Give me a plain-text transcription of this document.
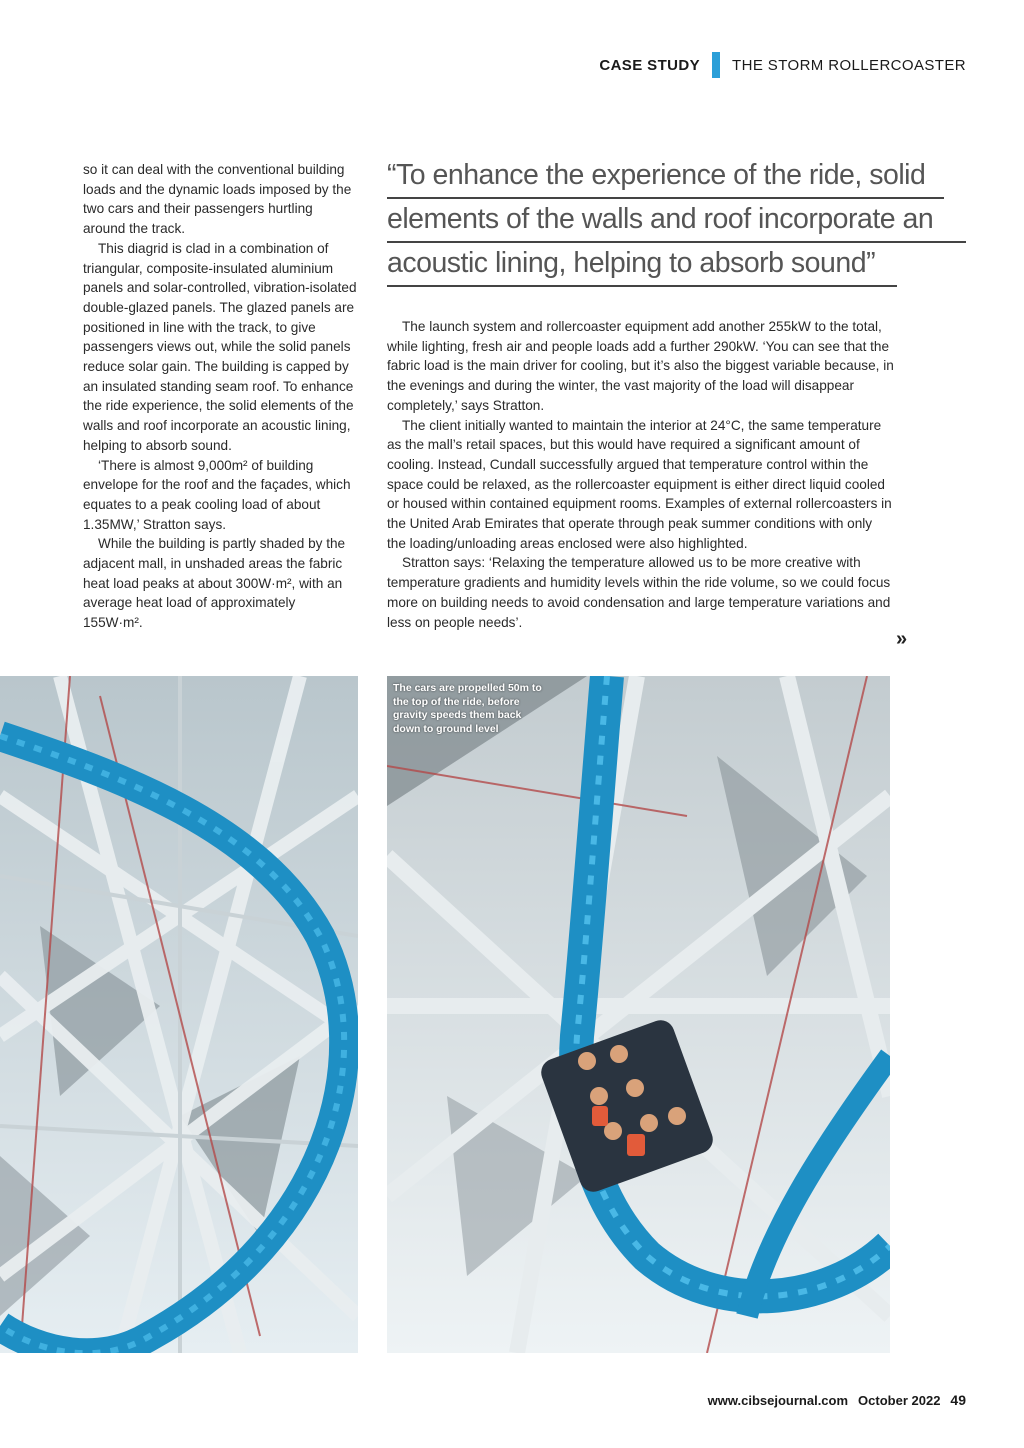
CASE STUDY THE STORM ROLLERCOASTER

so it can deal with the conventional building loads and the dynamic loads imposed by the two cars and their passengers hurtling around the track.

This diagrid is clad in a combination of triangular, composite-insulated aluminium panels and solar-controlled, vibration-isolated double-glazed panels. The glazed panels are positioned in line with the track, to give passengers views out, while the solid panels reduce solar gain. The building is capped by an insulated standing seam roof. To enhance the ride experience, the solid elements of the walls and roof incorporate an acoustic lining, helping to absorb sound.

‘There is almost 9,000m² of building envelope for the roof and the façades, which equates to a peak cooling load of about 1.35MW,’ Stratton says.

While the building is partly shaded by the adjacent mall, in unshaded areas the fabric heat load peaks at about 300W·m², with an average heat load of approximately 155W·m².

“To enhance the experience of the ride, solid
elements of the walls and roof incorporate an
acoustic lining, helping to absorb sound”

The launch system and rollercoaster equipment add another 255kW to the total, while lighting, fresh air and people loads add a further 290kW. ‘You can see that the fabric load is the main driver for cooling, but it’s also the biggest variable because, in the evenings and during the winter, the vast majority of the load will disappear completely,’ says Stratton.

The client initially wanted to maintain the interior at 24°C, the same temperature as the mall’s retail spaces, but this would have required a significant amount of cooling. Instead, Cundall successfully argued that temperature control within the space could be relaxed, as the rollercoaster equipment is either direct liquid cooled or housed within contained equipment rooms. Examples of external rollercoasters in the United Arab Emirates that operate through peak summer conditions with only the loading/unloading areas enclosed were also highlighted.

Stratton says: ‘Relaxing the temperature allowed us to be more creative with temperature gradients and humidity levels within the ride volume, so we could focus more on building needs to avoid condensation and large temperature variations and less on people needs’.

»
The cars are propelled 50m to the top of the ride, before gravity speeds them back down to ground level
www.cibsejournal.com October 2022 49
